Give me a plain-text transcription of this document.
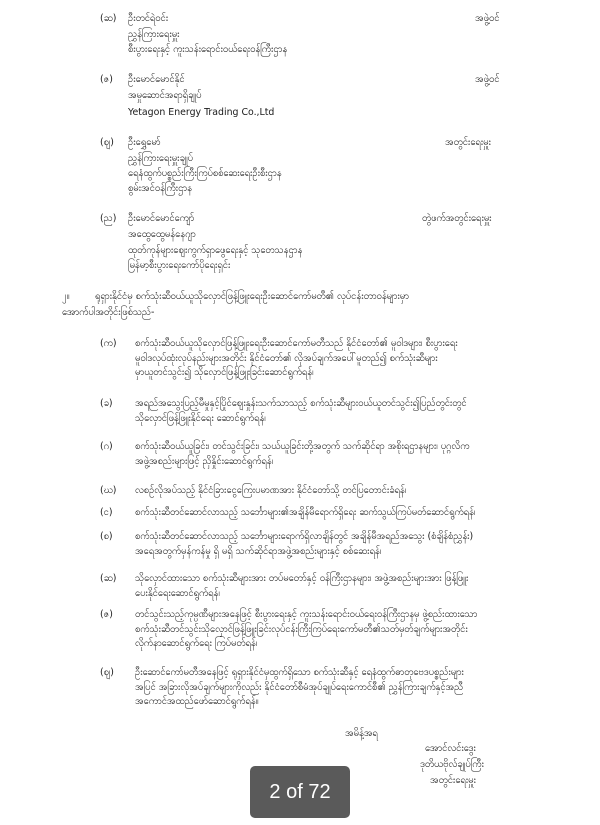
(ဆ) ဦးတင်ရဲဝင်း	အဖွဲ့ဝင်
ညွှန်ကြားရေးမှူး
စီးပွားရေးနှင့် ကူးသန်းရောင်းဝယ်ရေးဝန်ကြီးဌာန
(ဇ) ဦးမောင်မောင်နိုင်	အဖွဲ့ဝင်
အမှုဆောင်အရာရှိချုပ်
Yetagon Energy Trading Co.,Ltd
(ဈ) ဦးရွှေမော်	အတွင်းရေးမှူး
ညွှန်ကြားရေးမှူးချုပ်
ရေနံထွက်ပစ္စည်းကြီးကြပ်စစ်ဆေးရေးဦးစီးဌာန
စွမ်းအင်ဝန်ကြီးဌာန
(ည) ဦးမောင်မောင်ကျော်	တွဲဖက်အတွင်းရေးမှူး
အထွေထွေမန်နေဂျာ
ထုတ်ကုန်များဈေးကွက်ရှာဖွေရေးနှင့် သုတေသနဌာန
မြန်မာ့စီးပွားရေးကော်ပိုရေးရှင်း
၂။	ရုရှားနိုင်ငံမှ စက်သုံးဆီဝယ်ယူသိုလှောင်ဖြန့်ဖြူးရေးဦးဆောင်ကော်မတီ၏ လုပ်ငန်းတာဝန်များမှာ
အောက်ပါအတိုင်းဖြစ်သည်-
(က) စက်သုံးဆီဝယ်ယူသိုလှောင်ဖြန့်ဖြူးရေးဦးဆောင်ကော်မတီသည် နိုင်ငံတော်၏ မူဝါဒများ၊ စီးပွားရေး
မူဝါဒလုပ်ထုံးလုပ်နည်းများအတိုင်း နိုင်ငံတော်၏ လိုအပ်ချက်အပေါ်မူတည်၍ စက်သုံးဆီများ
မှာယူတင်သွင်း၍ သိုလှောင်ဖြန့်ဖြူးခြင်းဆောင်ရွက်ရန်၊
(ခ) အရည်အသွေးပြည့်မီမှုနှင့်ပြိုင်ဈေးနှုန်းသက်သာသည့် စက်သုံးဆီများဝယ်ယူတင်သွင်း၍ပြည်တွင်းတွင်
သိုလှောင်ဖြန့်ဖြူးနိုင်ရေး ဆောင်ရွက်ရန်၊
(ဂ) စက်သုံးဆီဝယ်ယူခြင်း၊ တင်သွင်းခြင်း၊ သယ်ယူခြင်းတို့အတွက် သက်ဆိုင်ရာ အစိုးရဌာနများ၊ ပုဂ္ဂလိက
အဖွဲ့အစည်းများဖြင့် ညှိနှိုင်းဆောင်ရွက်ရန်၊
(ဃ) လစဉ်လိုအပ်သည့် နိုင်ငံခြားငွေကြေးပမာဏအား နိုင်ငံတော်သို့ တင်ပြတောင်းခံရန်၊
(င) စက်သုံးဆီတင်ဆောင်လာသည့် သင်္ဘောများ၏အချိန်မီရောက်ရှိရေး ဆက်သွယ်ကြပ်မတ်ဆောင်ရွက်ရန်၊
(စ) စက်သုံးဆီတင်ဆောင်လာသည့် သင်္ဘောများရောက်ရှိလာချိန်တွင် အချိန်မီအရည်အသွေး (စံချိန်စံညွှန်း)
အရေအတွက်မှန်ကန်မှု ရှိ မရှိ သက်ဆိုင်ရာအဖွဲ့အစည်းများနှင့် စစ်ဆေးရန်၊
(ဆ) သိုလှောင်ထားသော စက်သုံးဆီများအား တပ်မတော်နှင့် ဝန်ကြီးဌာနများ၊ အဖွဲ့အစည်းများအား ဖြန့်ဖြူး
ပေးနိုင်ရေးဆောင်ရွက်ရန်၊
(ဇ) တင်သွင်းသည့်ကုမ္ပဏီများအနေဖြင့် စီးပွားရေးနှင့် ကူးသန်းရောင်းဝယ်ရေးဝန်ကြီးဌာနမှ ဖွဲ့စည်းထားသော
စက်သုံးဆီတင်သွင်းသိုလှောင်ဖြန့်ဖြူးခြင်းလုပ်ငန်းကြီးကြပ်ရေးကော်မတီ၏သတ်မှတ်ချက်များအတိုင်း
လိုက်နာဆောင်ရွက်ရေး ကြပ်မတ်ရန်၊
(ဈ) ဦးဆောင်ကော်မတီအနေဖြင့် ရုရှားနိုင်ငံမှထွက်ရှိသော စက်သုံးဆီနှင့် ရေနံထွက်ဓာတုဗေဒပစ္စည်းများ
အပြင် အခြားလိုအပ်ချက်များကိုလည်း နိုင်ငံတော်စီမံအုပ်ချုပ်ရေးကောင်စီ၏ ညွှန်ကြားချက်နှင့်အညီ
အကောင်အထည်ဖော်ဆောင်ရွက်ရန်။
အမိန့်အရ
အောင်လင်းဒွေး
ဒုတိယဗိုလ်ချုပ်ကြီး
အတွင်းရေးမှူး
2 of 72
